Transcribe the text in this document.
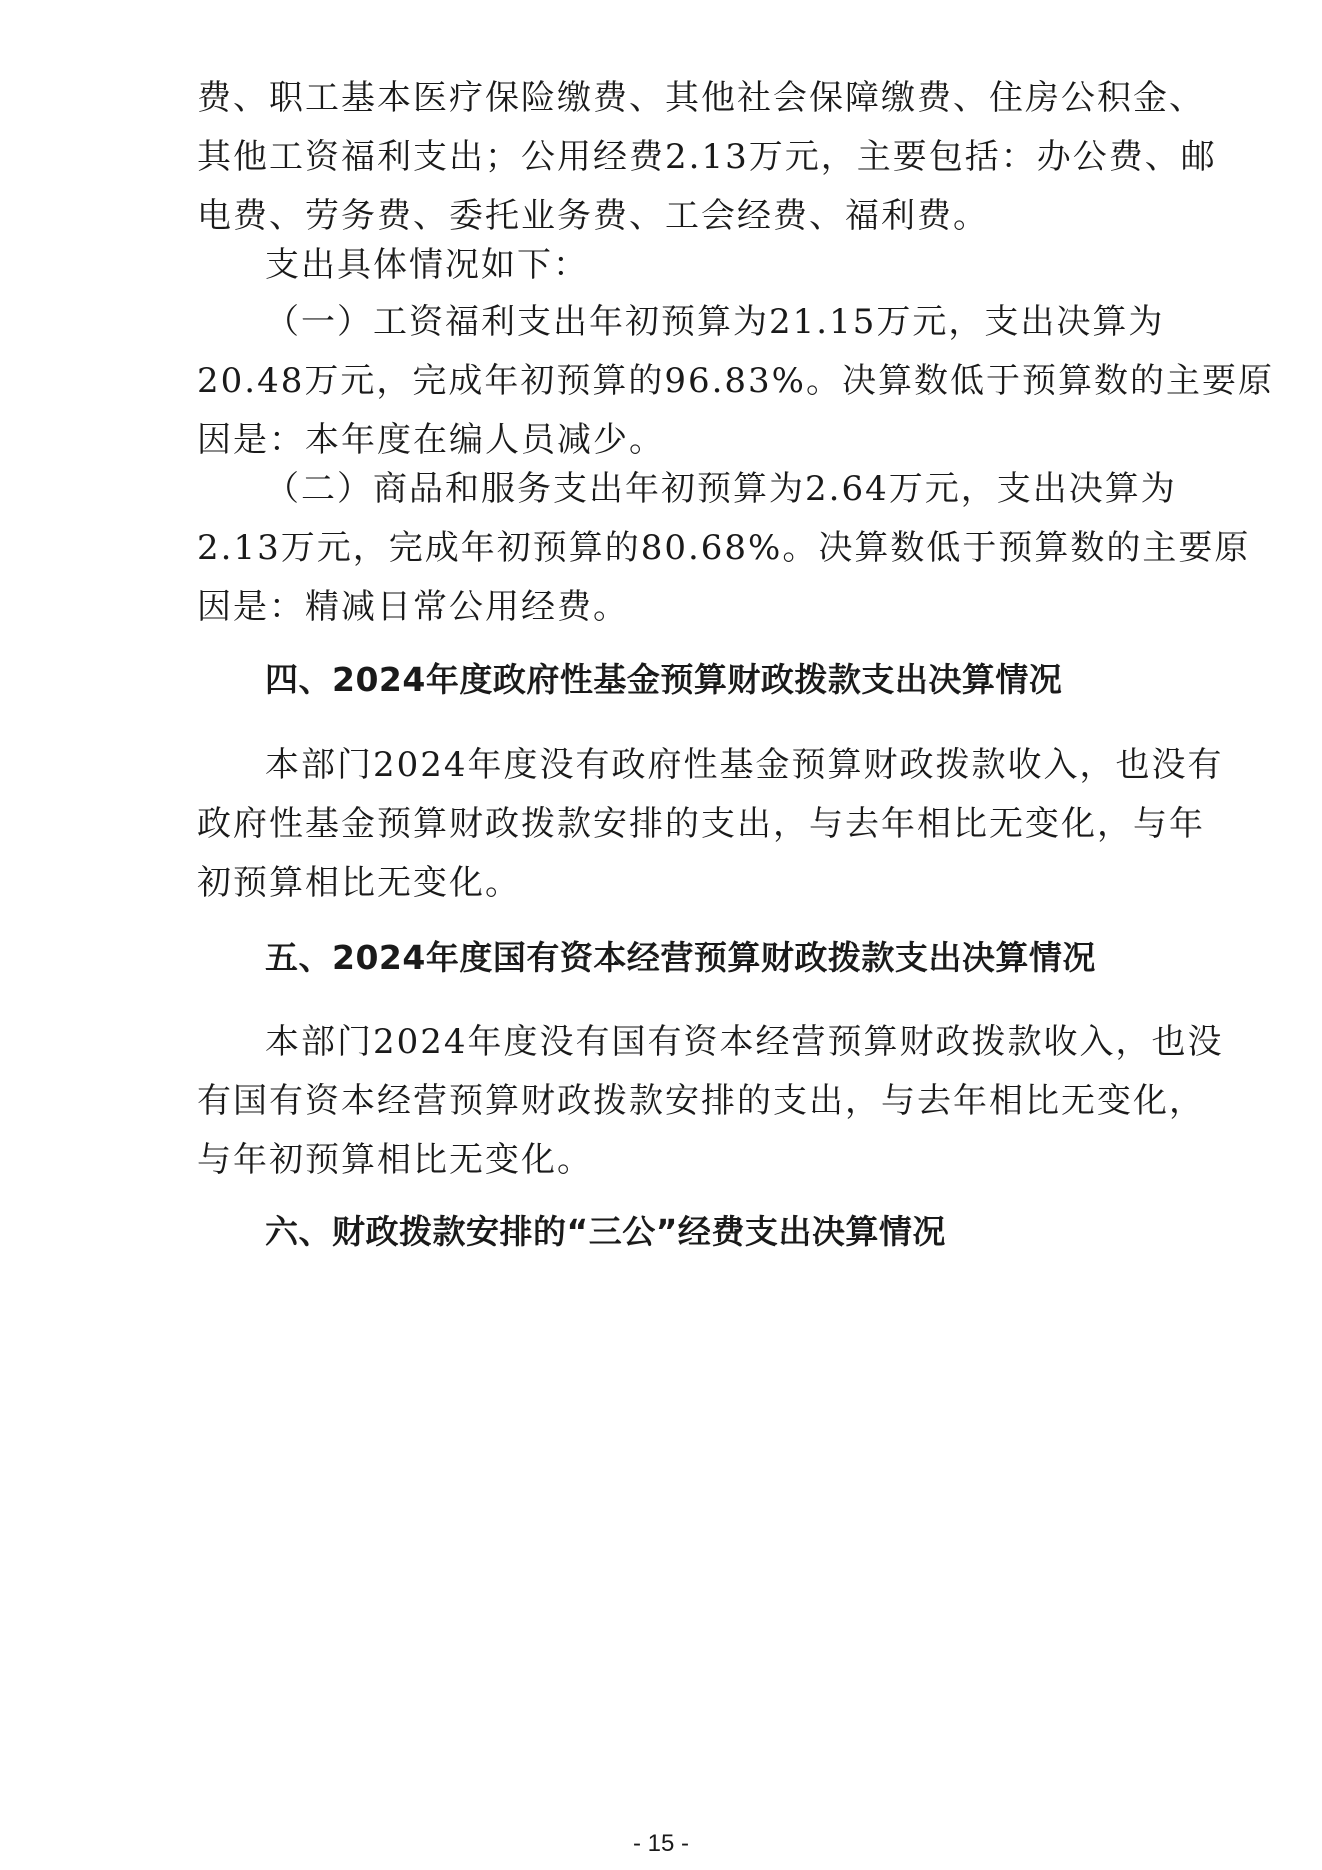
费、职工基本医疗保险缴费、其他社会保障缴费、住房公积金、
其他工资福利支出；公用经费2.13万元，主要包括：办公费、邮
电费、劳务费、委托业务费、工会经费、福利费。
支出具体情况如下：
（一）工资福利支出年初预算为21.15万元，支出决算为
20.48万元，完成年初预算的96.83%。决算数低于预算数的主要原
因是：本年度在编人员减少。
（二）商品和服务支出年初预算为2.64万元，支出决算为
2.13万元，完成年初预算的80.68%。决算数低于预算数的主要原
因是：精减日常公用经费。
四、2024年度政府性基金预算财政拨款支出决算情况
本部门2024年度没有政府性基金预算财政拨款收入，也没有
政府性基金预算财政拨款安排的支出，与去年相比无变化，与年
初预算相比无变化。
五、2024年度国有资本经营预算财政拨款支出决算情况
本部门2024年度没有国有资本经营预算财政拨款收入，也没
有国有资本经营预算财政拨款安排的支出，与去年相比无变化，
与年初预算相比无变化。
六、财政拨款安排的“三公”经费支出决算情况
- 15 -
